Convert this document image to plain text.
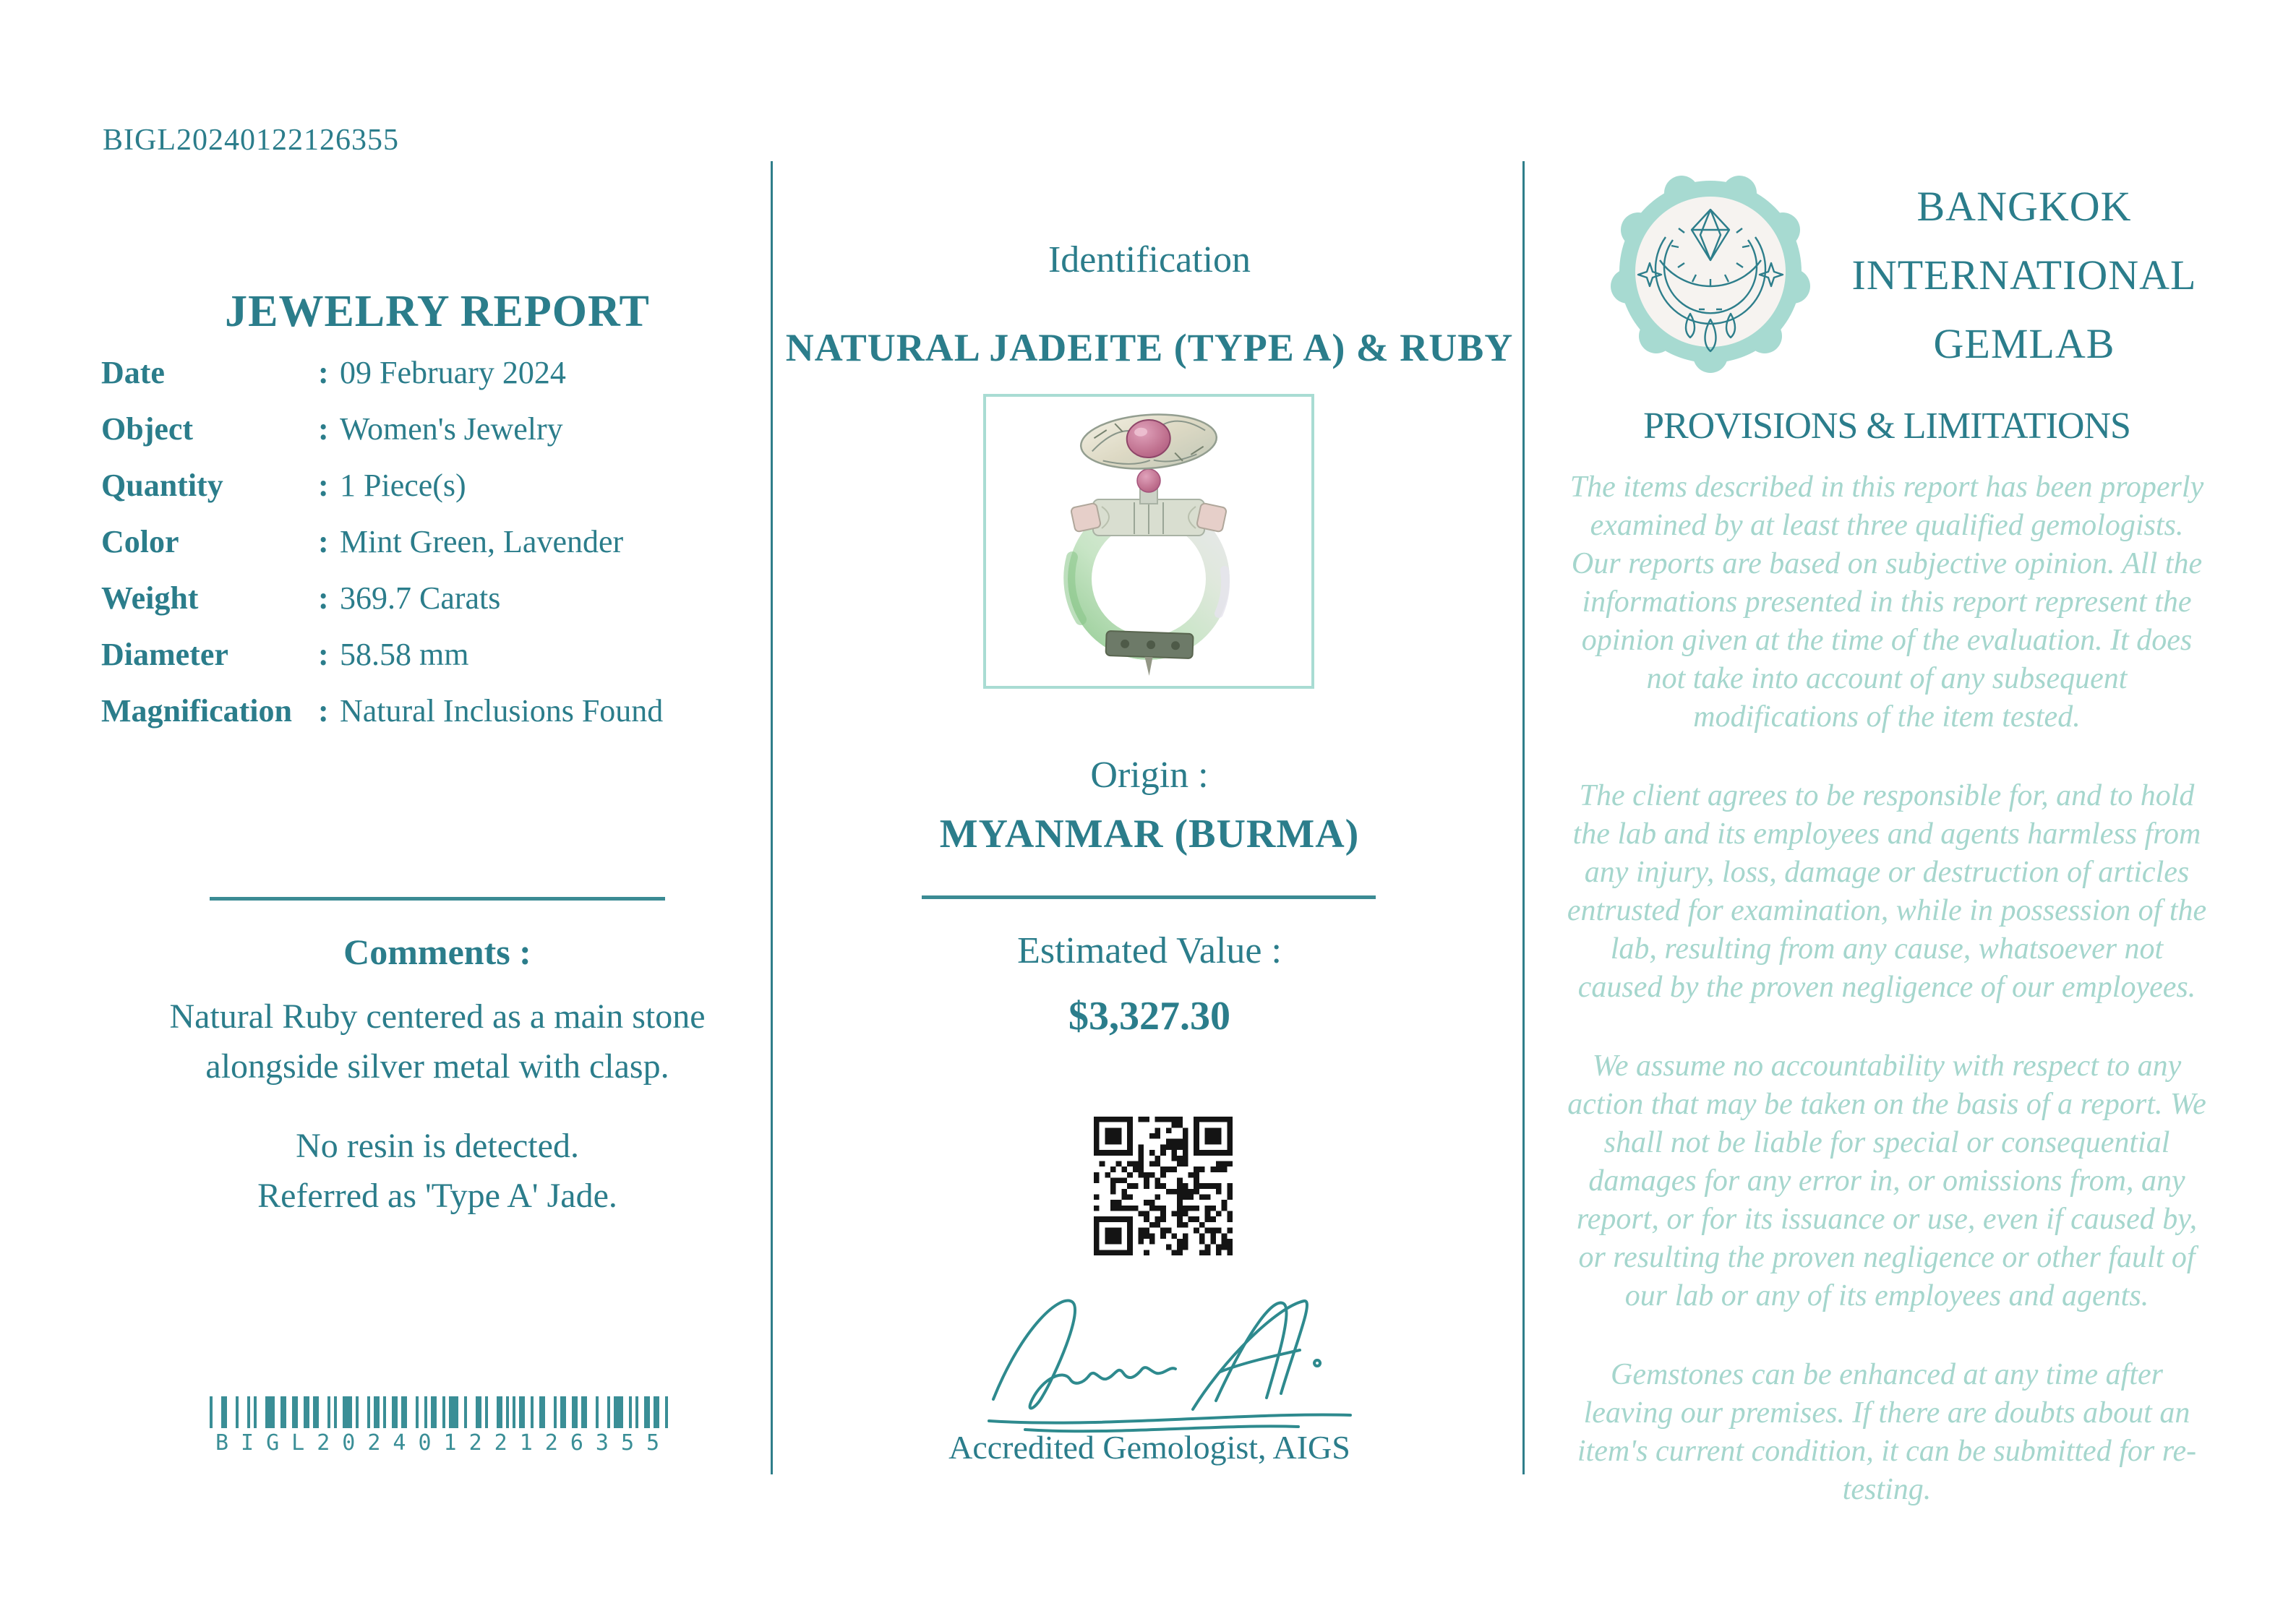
BIGL20240122126355
JEWELRY REPORT
Date	: 09 February 2024
Object	: Women's Jewelry
Quantity	: 1 Piece(s)
Color	: Mint Green, Lavender
Weight	: 369.7 Carats
Diameter	: 58.58 mm
Magnification : Natural Inclusions Found
Comments :
Natural Ruby centered as a main stone alongside silver metal with clasp.
No resin is detected.
Referred as 'Type A' Jade.
BIGL20240122126355
Identification
NATURAL JADEITE (TYPE A) & RUBY
Origin :
MYANMAR (BURMA)
Estimated Value :
$3,327.30
Accredited Gemologist, AIGS
BANGKOK
INTERNATIONAL
GEMLAB
PROVISIONS & LIMITATIONS

The items described in this report has been properly examined by at least three qualified gemologists. Our reports are based on subjective opinion. All the informations presented in this report represent the opinion given at the time of the evaluation. It does not take into account of any subsequent modifications of the item tested.

The client agrees to be responsible for, and to hold the lab and its employees and agents harmless from any injury, loss, damage or destruction of articles entrusted for examination, while in possession of the lab, resulting from any cause, whatsoever not caused by the proven negligence of our employees.

We assume no accountability with respect to any action that may be taken on the basis of a report. We shall not be liable for special or consequential damages for any error in, or omissions from, any report, or for its issuance or use, even if caused by, or resulting the proven negligence or other fault of our lab or any of its employees and agents.

Gemstones can be enhanced at any time after leaving our premises. If there are doubts about an item's current condition, it can be submitted for re-testing.
